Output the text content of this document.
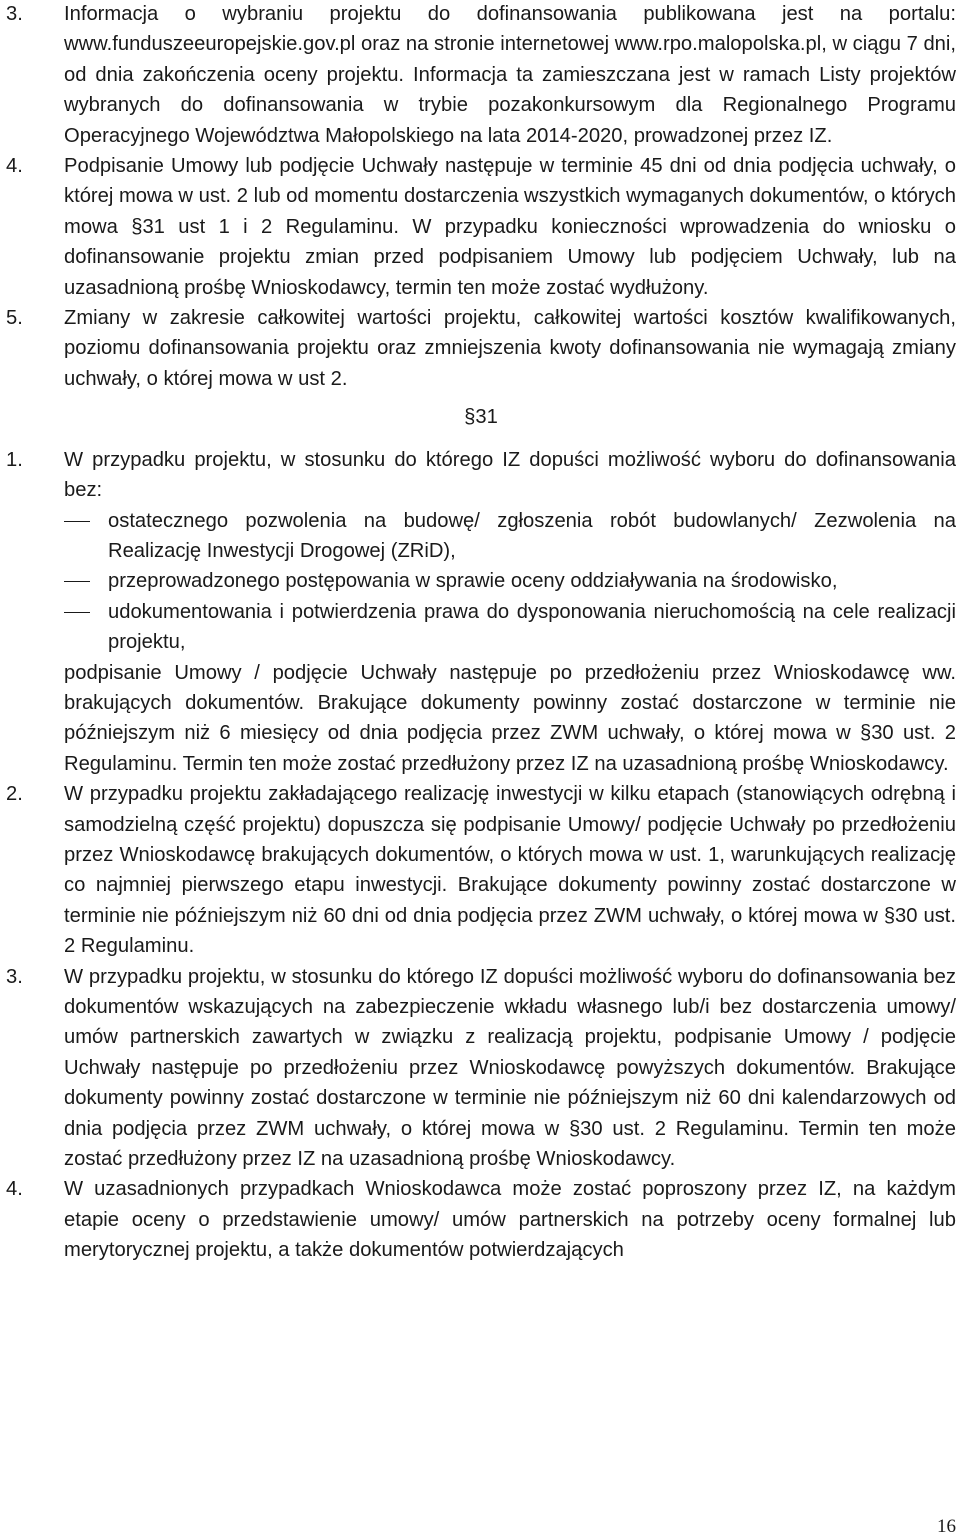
3. Informacja o wybraniu projektu do dofinansowania publikowana jest na portalu: www.funduszeeuropejskie.gov.pl oraz na stronie internetowej www.rpo.malopolska.pl, w ciągu 7 dni, od dnia zakończenia oceny projektu. Informacja ta zamieszczana jest w ramach Listy projektów wybranych do dofinansowania w trybie pozakonkursowym dla Regionalnego Programu Operacyjnego Województwa Małopolskiego na lata 2014-2020, prowadzonej przez IZ.
4. Podpisanie Umowy lub podjęcie Uchwały następuje w terminie 45 dni od dnia podjęcia uchwały, o której mowa w ust. 2 lub od momentu dostarczenia wszystkich wymaganych dokumentów, o których mowa §31 ust 1 i 2 Regulaminu. W przypadku konieczności wprowadzenia do wniosku o dofinansowanie projektu zmian przed podpisaniem Umowy lub podjęciem Uchwały, lub na uzasadnioną prośbę Wnioskodawcy, termin ten może zostać wydłużony.
5. Zmiany w zakresie całkowitej wartości projektu, całkowitej wartości kosztów kwalifikowanych, poziomu dofinansowania projektu oraz zmniejszenia kwoty dofinansowania nie wymagają zmiany uchwały, o której mowa w ust 2.
§31
1. W przypadku projektu, w stosunku do którego IZ dopuści możliwość wyboru do dofinansowania bez:
ostatecznego pozwolenia na budowę/ zgłoszenia robót budowlanych/ Zezwolenia na Realizację Inwestycji Drogowej (ZRiD),
przeprowadzonego postępowania w sprawie oceny oddziaływania na środowisko,
udokumentowania i potwierdzenia prawa do dysponowania nieruchomością na cele realizacji projektu,
podpisanie Umowy / podjęcie Uchwały następuje po przedłożeniu przez Wnioskodawcę ww. brakujących dokumentów. Brakujące dokumenty powinny zostać dostarczone w terminie nie późniejszym niż 6 miesięcy od dnia podjęcia przez ZWM uchwały, o której mowa w §30 ust. 2 Regulaminu. Termin ten może zostać przedłużony przez IZ na uzasadnioną prośbę Wnioskodawcy.
2. W przypadku projektu zakładającego realizację inwestycji w kilku etapach (stanowiących odrębną i samodzielną część projektu) dopuszcza się podpisanie Umowy/ podjęcie Uchwały po przedłożeniu przez Wnioskodawcę brakujących dokumentów, o których mowa w ust. 1, warunkujących realizację co najmniej pierwszego etapu inwestycji. Brakujące dokumenty powinny zostać dostarczone w terminie nie późniejszym niż 60 dni od dnia podjęcia przez ZWM uchwały, o której mowa w §30 ust. 2 Regulaminu.
3. W przypadku projektu, w stosunku do którego IZ dopuści możliwość wyboru do dofinansowania bez dokumentów wskazujących na zabezpieczenie wkładu własnego lub/i bez dostarczenia umowy/ umów partnerskich zawartych w związku z realizacją projektu, podpisanie Umowy / podjęcie Uchwały następuje po przedłożeniu przez Wnioskodawcę powyższych dokumentów. Brakujące dokumenty powinny zostać dostarczone w terminie nie późniejszym niż 60 dni kalendarzowych od dnia podjęcia przez ZWM uchwały, o której mowa w §30 ust. 2 Regulaminu. Termin ten może zostać przedłużony przez IZ na uzasadnioną prośbę Wnioskodawcy.
4. W uzasadnionych przypadkach Wnioskodawca może zostać poproszony przez IZ, na każdym etapie oceny o przedstawienie umowy/ umów partnerskich na potrzeby oceny formalnej lub merytorycznej projektu, a także dokumentów potwierdzających
16
